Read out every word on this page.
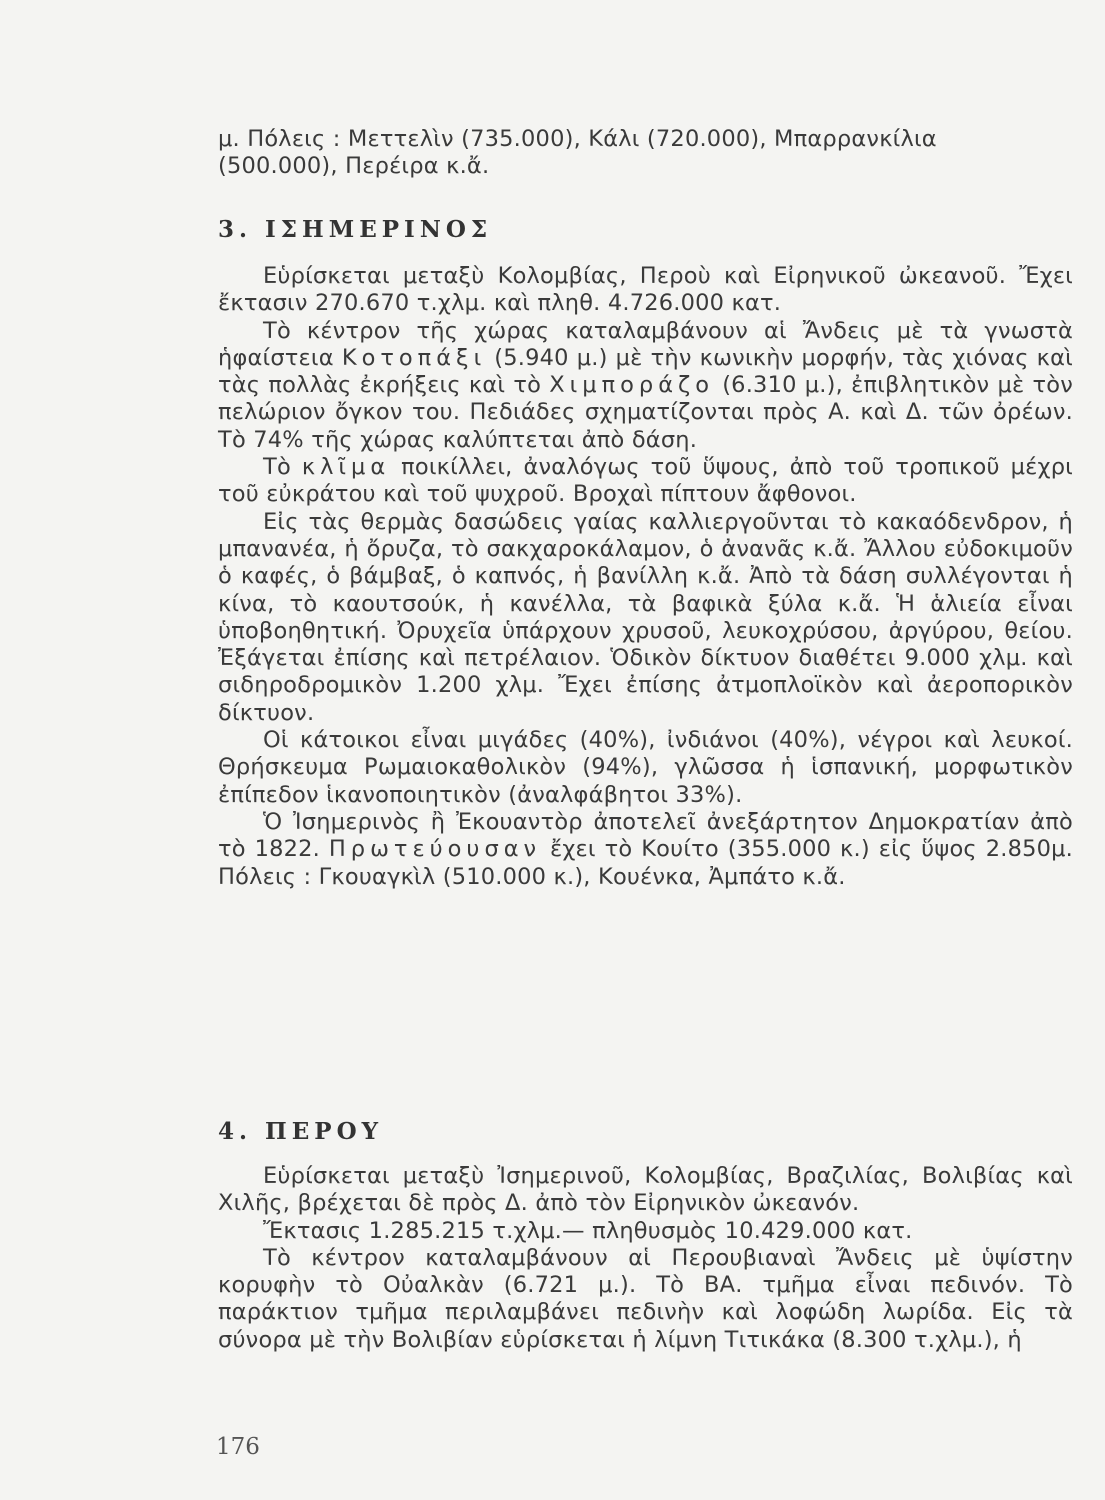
μ. Πόλεις : Μεττελὶν (735.000), Κάλι (720.000), Μπαρρανκίλια
(500.000), Περέιρα κ.ἄ.

3. ΙΣΗΜΕΡΙΝΟΣ

Εὑρίσκεται μεταξὺ Κολομβίας, Περοὺ καὶ Εἰρηνικοῦ ὠκεανοῦ. Ἔχει ἔκτασιν 270.670 τ.χλμ. καὶ πληθ. 4.726.000 κατ.

Τὸ κέντρον τῆς χώρας καταλαμβάνουν αἱ Ἄνδεις μὲ τὰ γνωστὰ ἡφαίστεια Κοτοπάξι (5.940 μ.) μὲ τὴν κωνικὴν μορφήν, τὰς χιόνας καὶ τὰς πολλὰς ἐκρήξεις καὶ τὸ Χιμποράζο (6.310 μ.), ἐπιβλητικὸν μὲ τὸν πελώριον ὄγκον του. Πεδιάδες σχηματίζονται πρὸς Α. καὶ Δ. τῶν ὀρέων. Τὸ 74% τῆς χώρας καλύπτεται ἀπὸ δάση.

Τὸ κλῖμα ποικίλλει, ἀναλόγως τοῦ ὕψους, ἀπὸ τοῦ τροπικοῦ μέχρι τοῦ εὐκράτου καὶ τοῦ ψυχροῦ. Βροχαὶ πίπτουν ἄφθονοι.

Εἰς τὰς θερμὰς δασώδεις γαίας καλλιεργοῦνται τὸ κακαόδενδρον, ἡ μπανανέα, ἡ ὄρυζα, τὸ σακχαροκάλαμον, ὁ ἀνανᾶς κ.ἄ. Ἄλλου εὐδοκιμοῦν ὁ καφές, ὁ βάμβαξ, ὁ καπνός, ἡ βανίλλη κ.ἄ. Ἀπὸ τὰ δάση συλλέγονται ἡ κίνα, τὸ καουτσούκ, ἡ κανέλλα, τὰ βαφικὰ ξύλα κ.ἄ. Ἡ ἁλιεία εἶναι ὑποβοηθητική. Ὀρυχεῖα ὑπάρχουν χρυσοῦ, λευκοχρύσου, ἀργύρου, θείου. Ἐξάγεται ἐπίσης καὶ πετρέλαιον. Ὁδικὸν δίκτυον διαθέτει 9.000 χλμ. καὶ σιδηροδρομικὸν 1.200 χλμ. Ἔχει ἐπίσης ἀτμοπλοϊκὸν καὶ ἀεροπορικὸν δίκτυον.

Οἱ κάτοικοι εἶναι μιγάδες (40%), ἰνδιάνοι (40%), νέγροι καὶ λευκοί. Θρήσκευμα Ρωμαιοκαθολικὸν (94%), γλῶσσα ἡ ἱσπανική, μορφωτικὸν ἐπίπεδον ἱκανοποιητικὸν (ἀναλφάβητοι 33%).

Ὁ Ἰσημερινὸς ἢ Ἐκουαντὸρ ἀποτελεῖ ἀνεξάρτητον Δημοκρατίαν ἀπὸ τὸ 1822. Πρωτεύουσαν ἔχει τὸ Κουίτο (355.000 κ.) εἰς ὕψος 2.850μ. Πόλεις : Γκουαγκὶλ (510.000 κ.), Κουένκα, Ἀμπάτο κ.ἄ.

4. ΠΕΡΟΥ

Εὑρίσκεται μεταξὺ Ἰσημερινοῦ, Κολομβίας, Βραζιλίας, Βολιβίας καὶ Χιλῆς, βρέχεται δὲ πρὸς Δ. ἀπὸ τὸν Εἰρηνικὸν ὠκεανόν.

Ἔκτασις 1.285.215 τ.χλμ.— πληθυσμὸς 10.429.000 κατ.

Τὸ κέντρον καταλαμβάνουν αἱ Περουβιαναὶ Ἄνδεις μὲ ὑψίστην κορυφὴν τὸ Οὐαλκὰν (6.721 μ.). Τὸ ΒΑ. τμῆμα εἶναι πεδινόν. Τὸ παράκτιον τμῆμα περιλαμβάνει πεδινὴν καὶ λοφώδη λωρίδα. Εἰς τὰ σύνορα μὲ τὴν Βολιβίαν εὑρίσκεται ἡ λίμνη Τιτικάκα (8.300 τ.χλμ.), ἡ

176
